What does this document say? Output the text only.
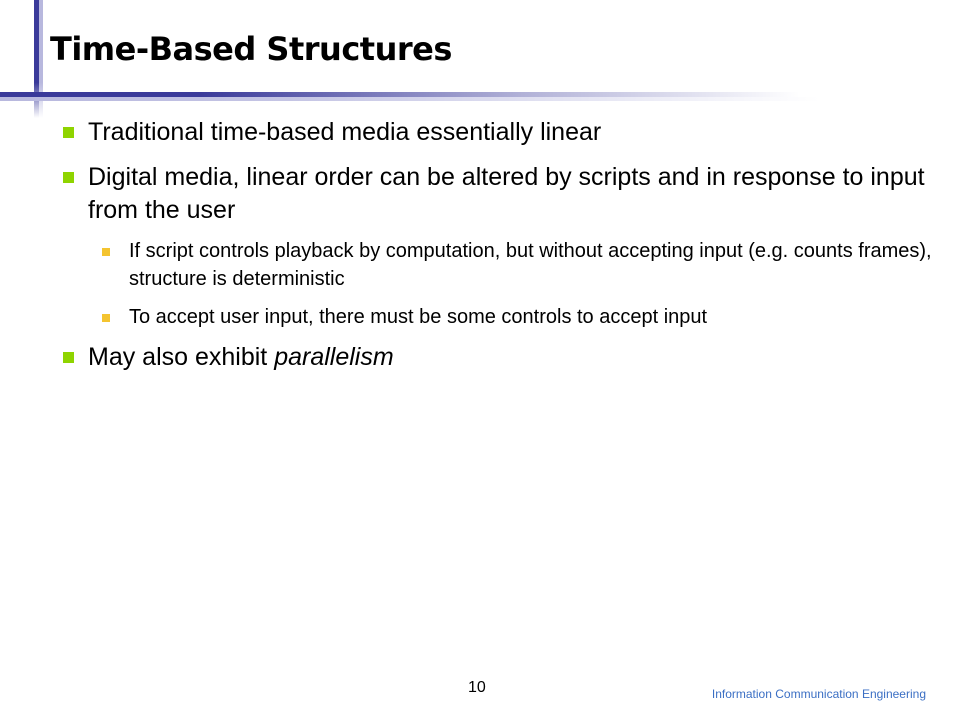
Time-Based Structures
Traditional time-based media essentially linear
Digital media, linear order can be altered by scripts and in response to input from the user
If script controls playback by computation, but without accepting input (e.g. counts frames), structure is deterministic
To accept user input, there must be some controls to accept input
May also exhibit parallelism
10	Information Communication Engineering
